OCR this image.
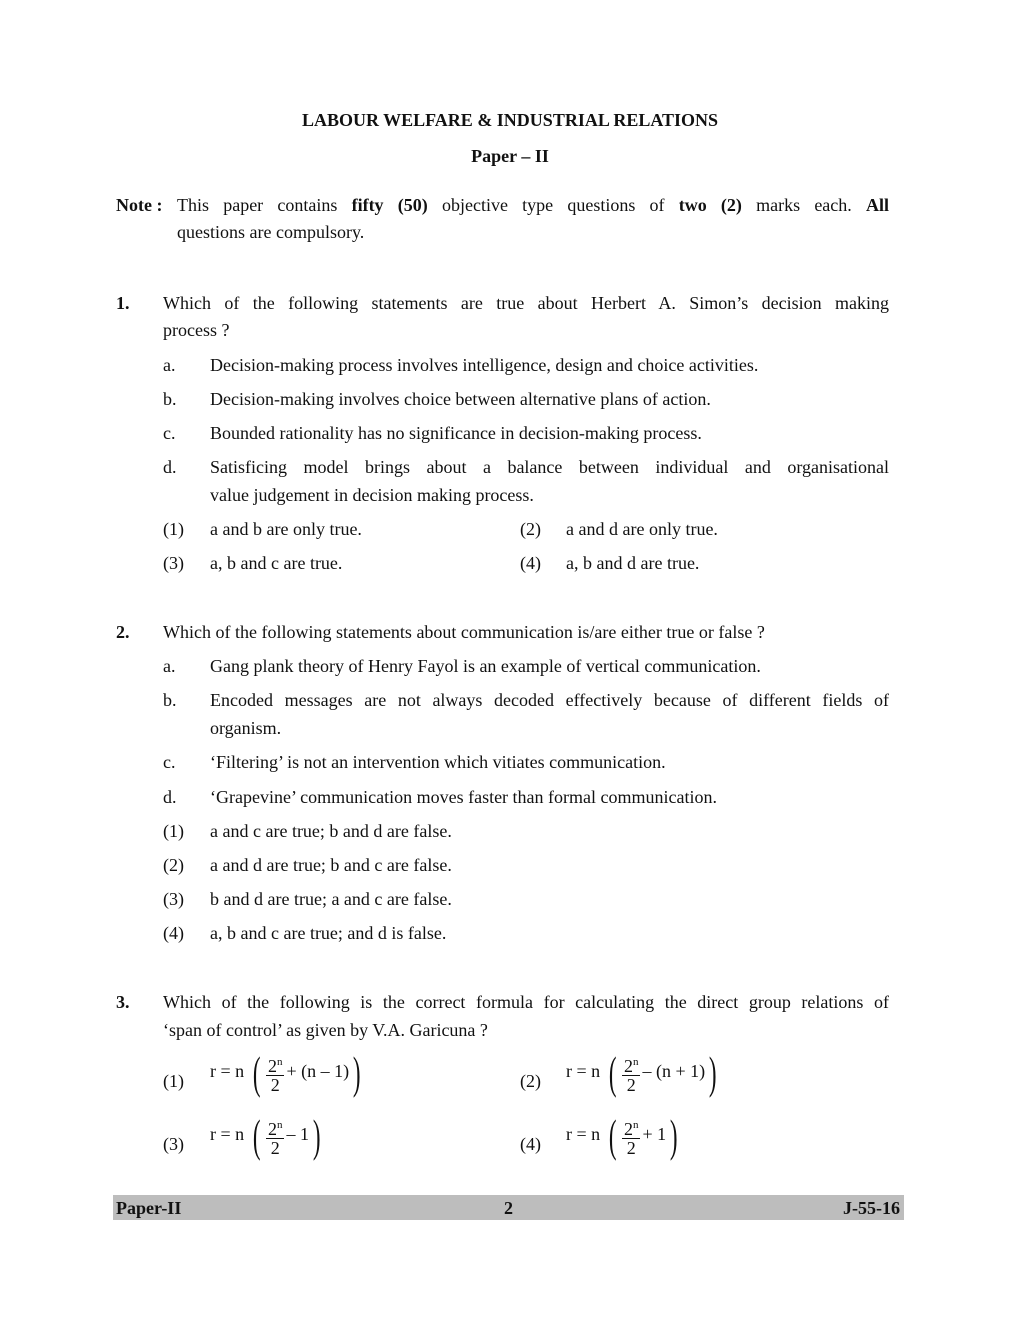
LABOUR WELFARE & INDUSTRIAL RELATIONS
Paper – II
Note : This paper contains fifty (50) objective type questions of two (2) marks each. All
questions are compulsory.
1. Which of the following statements are true about Herbert A. Simon’s decision making
process ?
a. Decision-making process involves intelligence, design and choice activities.
b. Decision-making involves choice between alternative plans of action.
c. Bounded rationality has no significance in decision-making process.
d. Satisficing model brings about a balance between individual and organisational
value judgement in decision making process.
(1) a and b are only true.	(2) a and d are only true.
(3) a, b and c are true.	(4) a, b and d are true.
2. Which of the following statements about communication is/are either true or false ?
a. Gang plank theory of Henry Fayol is an example of vertical communication.
b. Encoded messages are not always decoded effectively because of different fields of
organism.
c. ‘Filtering’ is not an intervention which vitiates communication.
d. ‘Grapevine’ communication moves faster than formal communication.
(1) a and c are true; b and d are false.
(2) a and d are true; b and c are false.
(3) b and d are true; a and c are false.
(4) a, b and c are true; and d is false.
3. Which of the following is the correct formula for calculating the direct group relations of
‘span of control’ as given by V.A. Garicuna ?
(1) r = n ( $\frac{2^n}{2} + (n - 1)$)	(2) r = n ( $\frac{2^n}{2} - (n + 1)$)
(3) r = n ( $\frac{2^n}{2} - 1$)	(4) r = n ( $\frac{2^n}{2} + 1$)
Paper-II	2	J-55-16
